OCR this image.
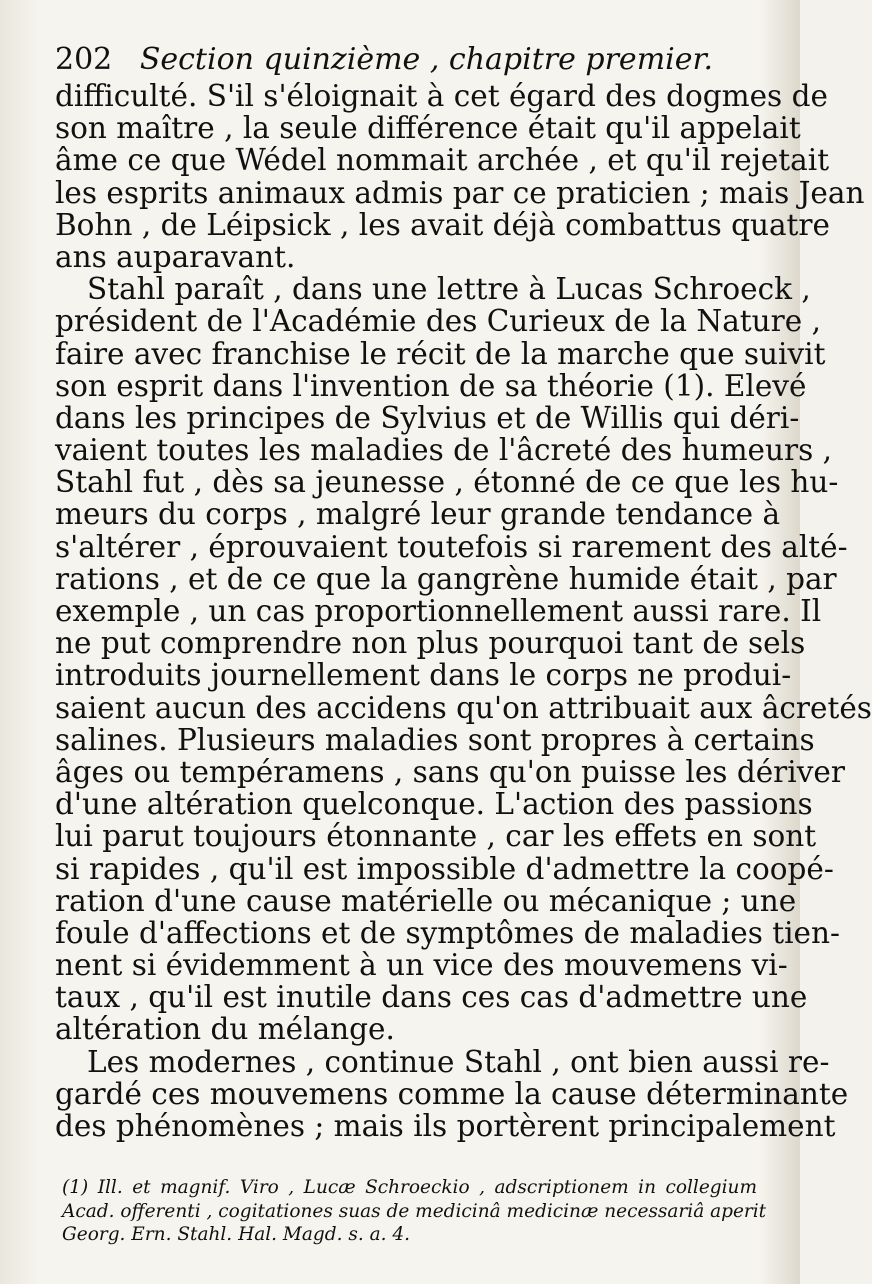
202 Section quinzième , chapitre premier.
difficulté. S'il s'éloignait à cet égard des dogmes de
son maître , la seule différence était qu'il appelait
âme ce que Wédel nommait archée , et qu'il rejetait
les esprits animaux admis par ce praticien ; mais Jean
Bohn , de Léipsick , les avait déjà combattus quatre
ans auparavant.
Stahl paraît , dans une lettre à Lucas Schroeck ,
président de l'Académie des Curieux de la Nature ,
faire avec franchise le récit de la marche que suivit
son esprit dans l'invention de sa théorie (1). Elevé
dans les principes de Sylvius et de Willis qui déri-
vaient toutes les maladies de l'âcreté des humeurs ,
Stahl fut , dès sa jeunesse , étonné de ce que les hu-
meurs du corps , malgré leur grande tendance à
s'altérer , éprouvaient toutefois si rarement des alté-
rations , et de ce que la gangrène humide était , par
exemple , un cas proportionnellement aussi rare. Il
ne put comprendre non plus pourquoi tant de sels
introduits journellement dans le corps ne produi-
saient aucun des accidens qu'on attribuait aux âcretés
salines. Plusieurs maladies sont propres à certains
âges ou tempéramens , sans qu'on puisse les dériver
d'une altération quelconque. L'action des passions
lui parut toujours étonnante , car les effets en sont
si rapides , qu'il est impossible d'admettre la coopé-
ration d'une cause matérielle ou mécanique ; une
foule d'affections et de symptômes de maladies tien-
nent si évidemment à un vice des mouvemens vi-
taux , qu'il est inutile dans ces cas d'admettre une
altération du mélange.
Les modernes , continue Stahl , ont bien aussi re-
gardé ces mouvemens comme la cause déterminante
des phénomènes ; mais ils portèrent principalement
(1) Ill. et magnif. Viro , Lucæ Schroeckio , adscriptionem in collegium
Acad. offerenti , cogitationes suas de medicinâ medicinæ necessariâ aperit
Georg. Ern. Stahl. Hal. Magd. s. a. 4.
